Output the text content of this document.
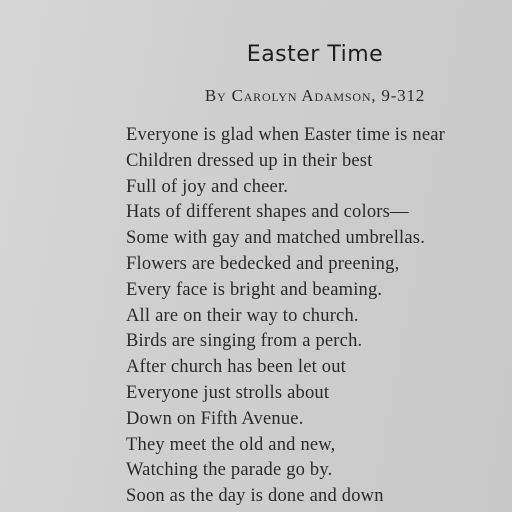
Easter Time
By Carolyn Adamson, 9-312
Everyone is glad when Easter time is near
Children dressed up in their best
Full of joy and cheer.
Hats of different shapes and colors—
Some with gay and matched umbrellas.
Flowers are bedecked and preening,
Every face is bright and beaming.
All are on their way to church.
Birds are singing from a perch.
After church has been let out
Everyone just strolls about
Down on Fifth Avenue.
They meet the old and new,
Watching the parade go by.
Soon as the day is done and down
